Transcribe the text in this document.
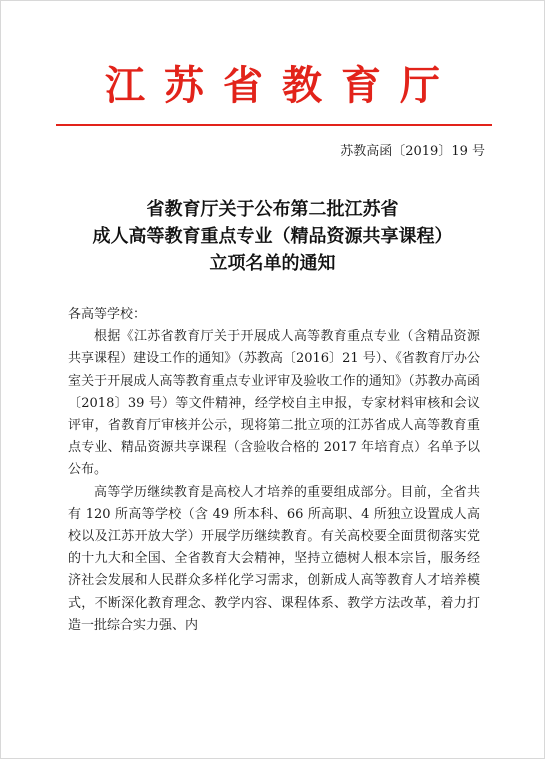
江苏省教育厅
苏教高函〔2019〕19 号
省教育厅关于公布第二批江苏省
成人高等教育重点专业（精品资源共享课程）
立项名单的通知

各高等学校：

根据《江苏省教育厅关于开展成人高等教育重点专业（含精品资源共享课程）建设工作的通知》（苏教高〔2016〕21 号）、《省教育厅办公室关于开展成人高等教育重点专业评审及验收工作的通知》（苏教办高函〔2018〕39 号）等文件精神，经学校自主申报，专家材料审核和会议评审，省教育厅审核并公示，现将第二批立项的江苏省成人高等教育重点专业、精品资源共享课程（含验收合格的 2017 年培育点）名单予以公布。

高等学历继续教育是高校人才培养的重要组成部分。目前，全省共有 120 所高等学校（含 49 所本科、66 所高职、4 所独立设置成人高校以及江苏开放大学）开展学历继续教育。有关高校要全面贯彻落实党的十九大和全国、全省教育大会精神，坚持立德树人根本宗旨，服务经济社会发展和人民群众多样化学习需求，创新成人高等教育人才培养模式，不断深化教育理念、教学内容、课程体系、教学方法改革，着力打造一批综合实力强、内
